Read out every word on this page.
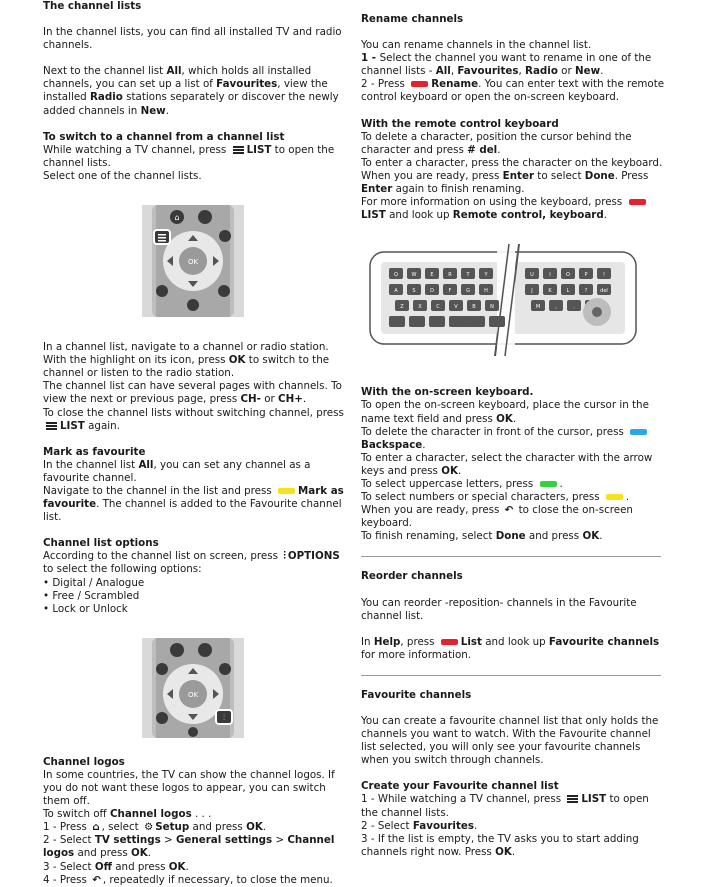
The channel lists

In the channel lists, you can find all installed TV and radio channels.

Next to the channel list All, which holds all installed channels, you can set up a list of Favourites, view the installed Radio stations separately or discover the newly added channels in New.

To switch to a channel from a channel list

While watching a TV channel, press LIST to open the channel lists.

Select one of the channel lists.

⌂
OK

In a channel list, navigate to a channel or radio station. With the highlight on its icon, press OK to switch to the channel or listen to the radio station.

The channel list can have several pages with channels. To view the next or previous page, press CH- or CH+.

To close the channel lists without switching channel, press LIST again.

Mark as favourite

In the channel list All, you can set any channel as a favourite channel.

Navigate to the channel in the list and press Mark as favourite. The channel is added to the Favourite channel list.

Channel list options

According to the channel list on screen, press ⫶ OPTIONS to select the following options:

• Digital / Analogue
• Free / Scrambled
• Lock or Unlock
OK
⫶

Channel logos

In some countries, the TV can show the channel logos. If you do not want these logos to appear, you can switch them off.

To switch off Channel logos . . .

1 - Press ⌂ , select ⚙ Setup and press OK.

2 - Select TV settings > General settings > Channel logos and press OK.

3 - Select Off and press OK.

4 - Press ↶ , repeatedly if necessary, to close the menu.

Rename channels

You can rename channels in the channel list.

1 - Select the channel you want to rename in one of the channel lists - All, Favourites, Radio or New.

2 - Press Rename. You can enter text with the remote control keyboard or open the on-screen keyboard.

With the remote control keyboard

To delete a character, position the cursor behind the character and press # del.

To enter a character, press the character on the keyboard.

When you are ready, press Enter to select Done. Press Enter again to finish renaming.

For more information on using the keyboard, press LIST and look up Remote control, keyboard.

Q	W	E	R	T	Y	U	I	O	P	!
A	S	D	F	G	H	J	K	L	?	del
Z	X	C	V	B	N	M	,	.

With the on-screen keyboard.

To open the on-screen keyboard, place the cursor in the name text field and press OK.

To delete the character in front of the cursor, press Backspace.

To enter a character, select the character with the arrow keys and press OK.

To select uppercase letters, press .

To select numbers or special characters, press .

When you are ready, press ↶ to close the on-screen keyboard.

To finish renaming, select Done and press OK.

Reorder channels

You can reorder -reposition- channels in the Favourite channel list.

In Help, press List and look up Favourite channels for more information.

Favourite channels

You can create a favourite channel list that only holds the channels you want to watch. With the Favourite channel list selected, you will only see your favourite channels when you switch through channels.

Create your Favourite channel list

1 - While watching a TV channel, press LIST to open the channel lists.

2 - Select Favourites.

3 - If the list is empty, the TV asks you to start adding channels right now. Press OK.
